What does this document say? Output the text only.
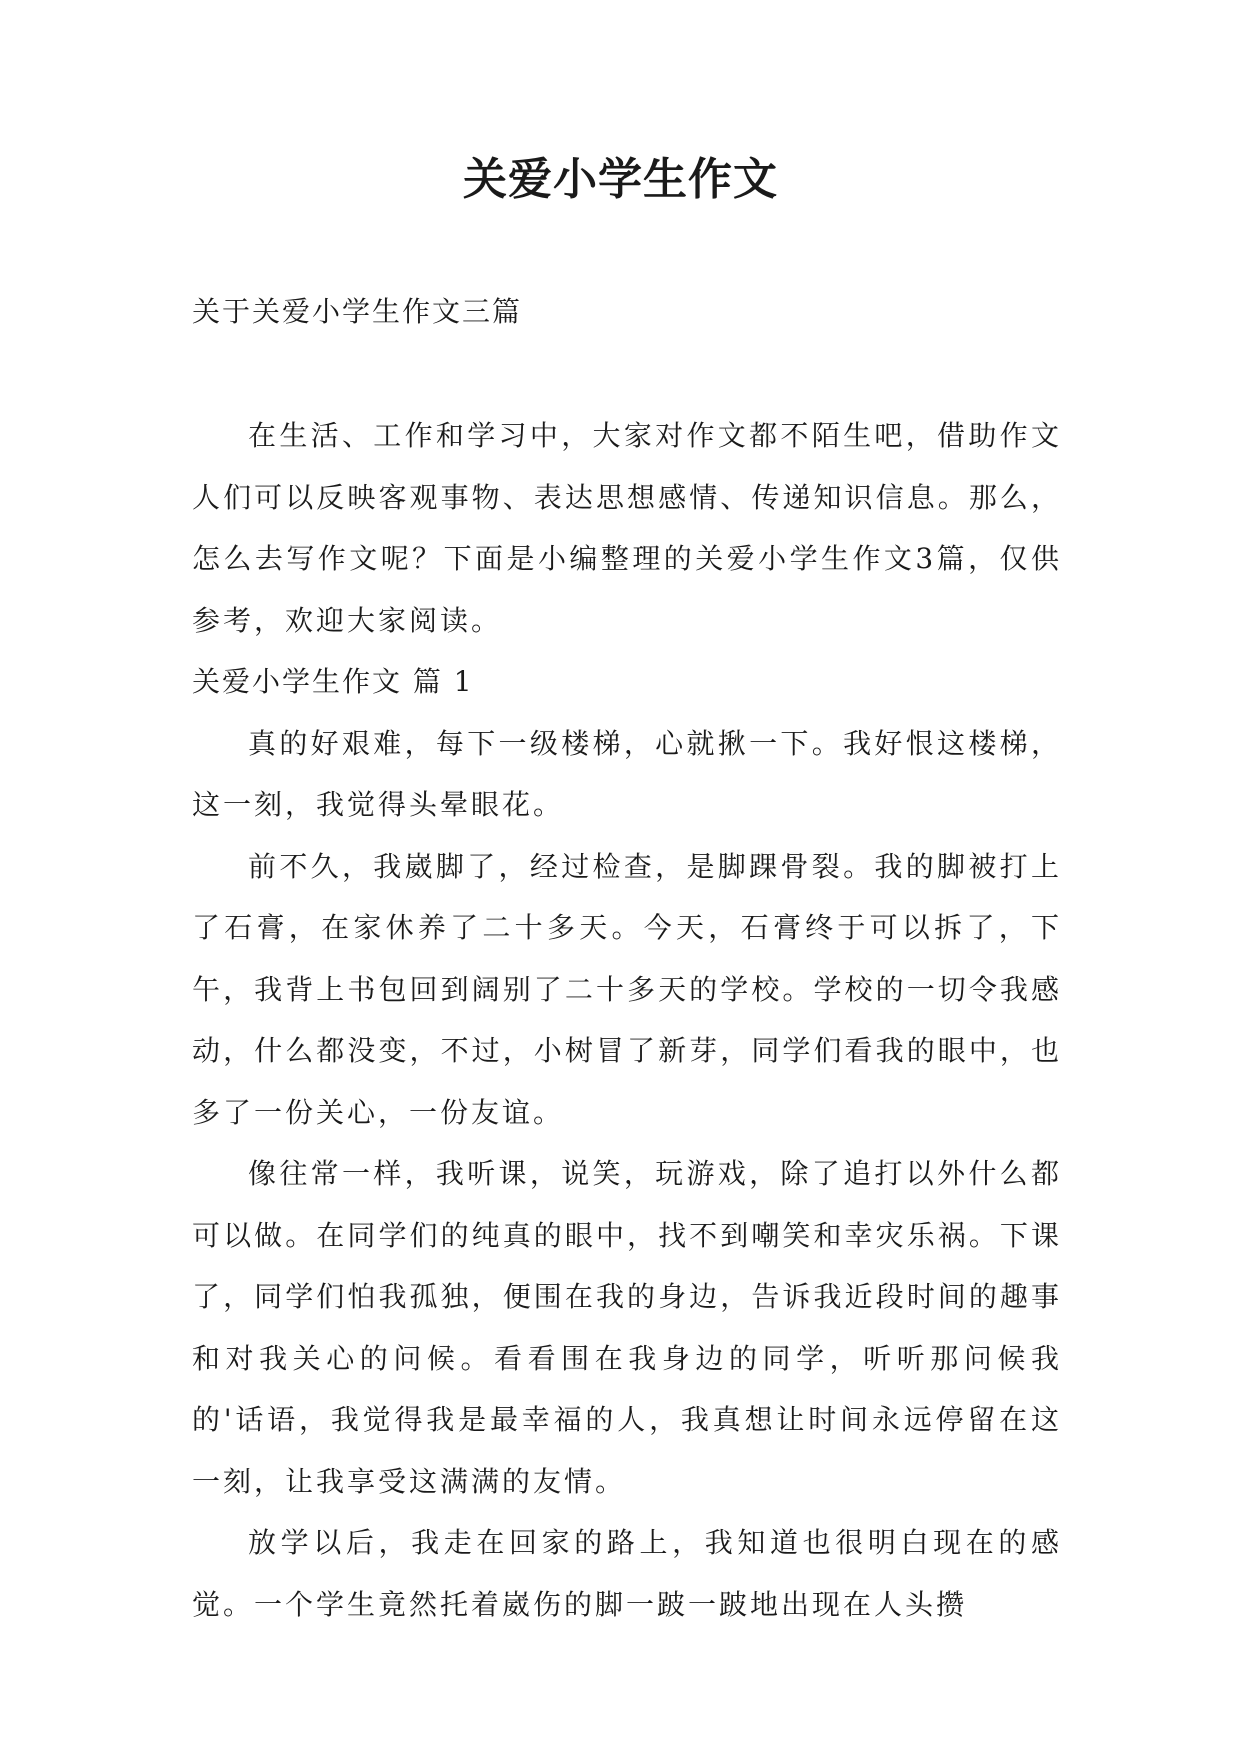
关爱小学生作文

关于关爱小学生作文三篇

在生活、工作和学习中，大家对作文都不陌生吧，借助作文人们可以反映客观事物、表达思想感情、传递知识信息。那么，怎么去写作文呢？下面是小编整理的关爱小学生作文3篇，仅供参考，欢迎大家阅读。

关爱小学生作文 篇 1

真的好艰难，每下一级楼梯，心就揪一下。我好恨这楼梯，这一刻，我觉得头晕眼花。

前不久，我崴脚了，经过检查，是脚踝骨裂。我的脚被打上了石膏，在家休养了二十多天。今天，石膏终于可以拆了，下午，我背上书包回到阔别了二十多天的学校。学校的一切令我感动，什么都没变，不过，小树冒了新芽，同学们看我的眼中，也多了一份关心，一份友谊。

像往常一样，我听课，说笑，玩游戏，除了追打以外什么都可以做。在同学们的纯真的眼中，找不到嘲笑和幸灾乐祸。下课了，同学们怕我孤独，便围在我的身边，告诉我近段时间的趣事和对我关心的问候。看看围在我身边的同学，听听那问候我的'话语，我觉得我是最幸福的人，我真想让时间永远停留在这一刻，让我享受这满满的友情。

放学以后，我走在回家的路上，我知道也很明白现在的感觉。一个学生竟然托着崴伤的脚一跛一跛地出现在人头攒
